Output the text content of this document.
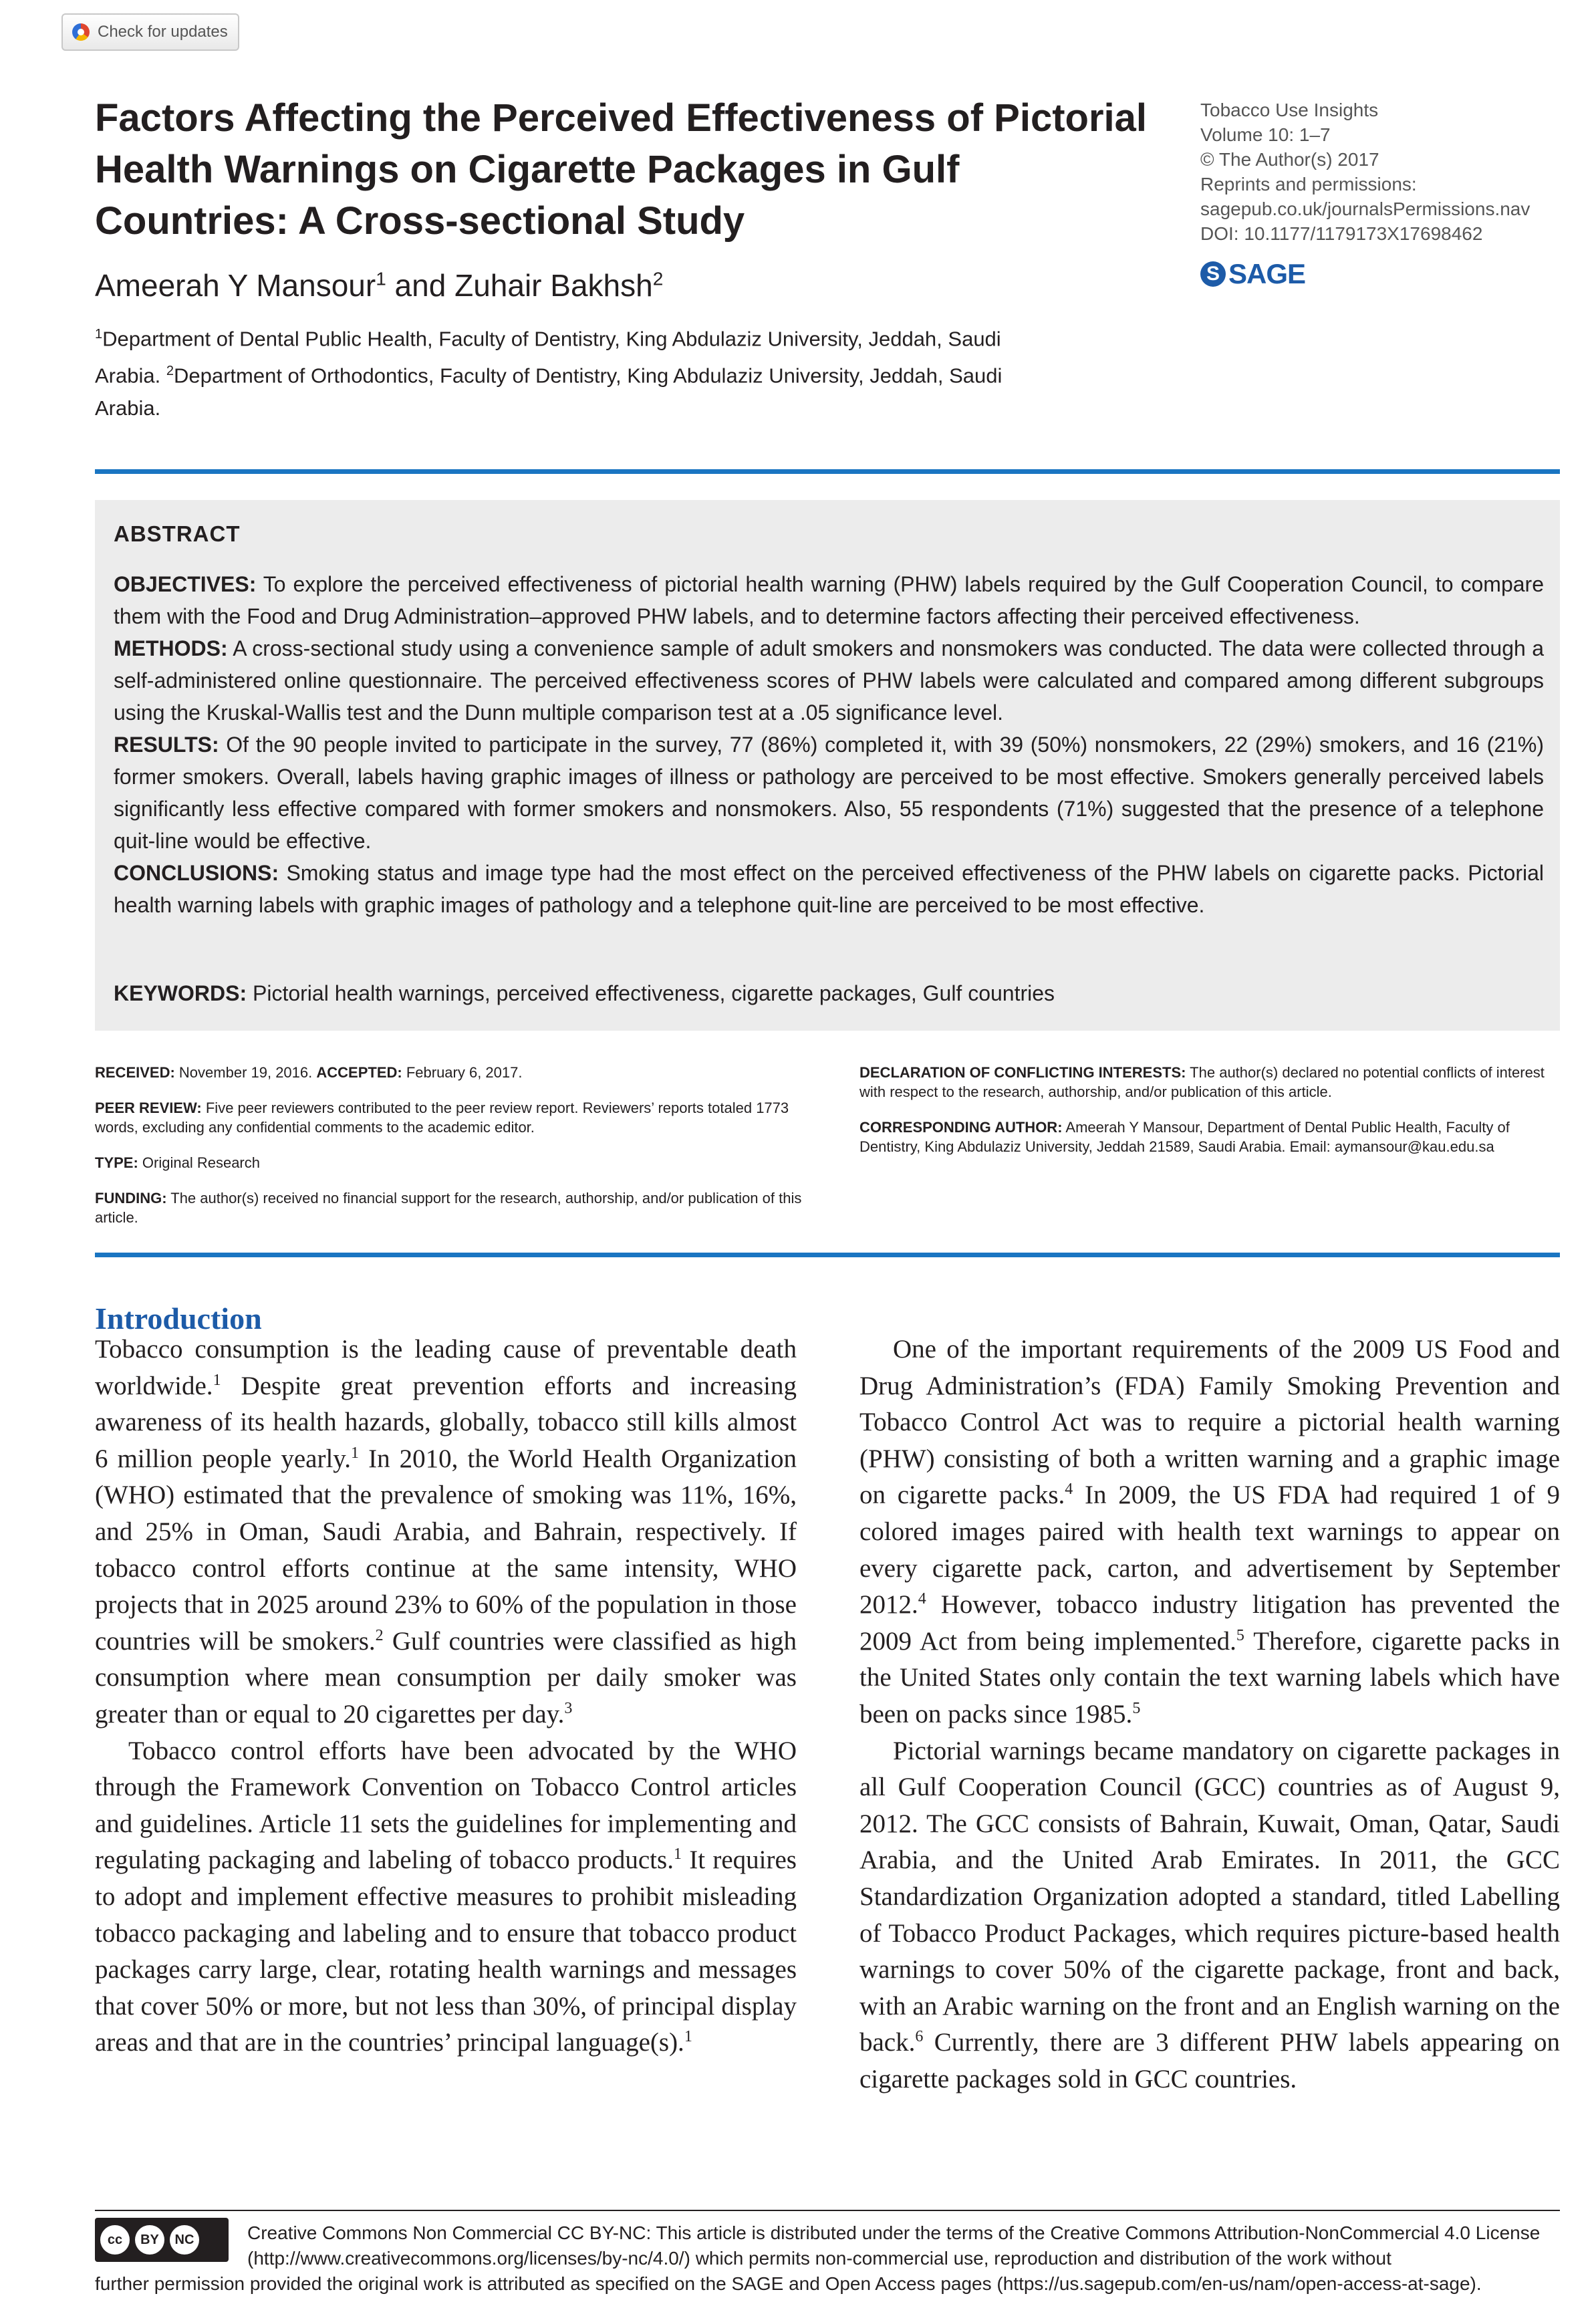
Check for updates
Factors Affecting the Perceived Effectiveness of Pictorial Health Warnings on Cigarette Packages in Gulf Countries: A Cross-sectional Study
Ameerah Y Mansour$^1$ and Zuhair Bakhsh$^2$
$^1$Department of Dental Public Health, Faculty of Dentistry, King Abdulaziz University, Jeddah, Saudi Arabia. $^2$Department of Orthodontics, Faculty of Dentistry, King Abdulaziz University, Jeddah, Saudi Arabia.
Tobacco Use Insights
Volume 10: 1–7
© The Author(s) 2017
Reprints and permissions:
sagepub.co.uk/journalsPermissions.nav
DOI: 10.1177/1179173X17698462
S SAGE
ABSTRACT

OBJECTIVES: To explore the perceived effectiveness of pictorial health warning (PHW) labels required by the Gulf Cooperation Council, to compare them with the Food and Drug Administration–approved PHW labels, and to determine factors affecting their perceived effectiveness.

METHODS: A cross-sectional study using a convenience sample of adult smokers and nonsmokers was conducted. The data were collected through a self-administered online questionnaire. The perceived effectiveness scores of PHW labels were calculated and compared among different subgroups using the Kruskal-Wallis test and the Dunn multiple comparison test at a .05 significance level.

RESULTS: Of the 90 people invited to participate in the survey, 77 (86%) completed it, with 39 (50%) nonsmokers, 22 (29%) smokers, and 16 (21%) former smokers. Overall, labels having graphic images of illness or pathology are perceived to be most effective. Smokers generally perceived labels significantly less effective compared with former smokers and nonsmokers. Also, 55 respondents (71%) suggested that the presence of a telephone quit-line would be effective.

CONCLUSIONS: Smoking status and image type had the most effect on the perceived effectiveness of the PHW labels on cigarette packs. Pictorial health warning labels with graphic images of pathology and a telephone quit-line are perceived to be most effective.

KEYWORDS: Pictorial health warnings, perceived effectiveness, cigarette packages, Gulf countries

RECEIVED: November 19, 2016. ACCEPTED: February 6, 2017.

PEER REVIEW: Five peer reviewers contributed to the peer review report. Reviewers’ reports totaled 1773 words, excluding any confidential comments to the academic editor.

TYPE: Original Research

FUNDING: The author(s) received no financial support for the research, authorship, and/or publication of this article.

DECLARATION OF CONFLICTING INTERESTS: The author(s) declared no potential conflicts of interest with respect to the research, authorship, and/or publication of this article.

CORRESPONDING AUTHOR: Ameerah Y Mansour, Department of Dental Public Health, Faculty of Dentistry, King Abdulaziz University, Jeddah 21589, Saudi Arabia. Email: aymansour@kau.edu.sa

Introduction

Tobacco consumption is the leading cause of preventable death worldwide.$^1$ Despite great prevention efforts and increasing awareness of its health hazards, globally, tobacco still kills almost 6 million people yearly.$^1$ In 2010, the World Health Organization (WHO) estimated that the prevalence of smoking was 11%, 16%, and 25% in Oman, Saudi Arabia, and Bahrain, respectively. If tobacco control efforts continue at the same intensity, WHO projects that in 2025 around 23% to 60% of the population in those countries will be smokers.$^2$ Gulf countries were classified as high consumption where mean consumption per daily smoker was greater than or equal to 20 cigarettes per day.$^3$

Tobacco control efforts have been advocated by the WHO through the Framework Convention on Tobacco Control articles and guidelines. Article 11 sets the guidelines for implementing and regulating packaging and labeling of tobacco products.$^1$ It requires to adopt and implement effective measures to prohibit misleading tobacco packaging and labeling and to ensure that tobacco product packages carry large, clear, rotating health warnings and messages that cover 50% or more, but not less than 30%, of principal display areas and that are in the countries’ principal language(s).$^1$

One of the important requirements of the 2009 US Food and Drug Administration’s (FDA) Family Smoking Prevention and Tobacco Control Act was to require a pictorial health warning (PHW) consisting of both a written warning and a graphic image on cigarette packs.$^4$ In 2009, the US FDA had required 1 of 9 colored images paired with health text warnings to appear on every cigarette pack, carton, and advertisement by September 2012.$^4$ However, tobacco industry litigation has prevented the 2009 Act from being implemented.$^5$ Therefore, cigarette packs in the United States only contain the text warning labels which have been on packs since 1985.$^5$

Pictorial warnings became mandatory on cigarette packages in all Gulf Cooperation Council (GCC) countries as of August 9, 2012. The GCC consists of Bahrain, Kuwait, Oman, Qatar, Saudi Arabia, and the United Arab Emirates. In 2011, the GCC Standardization Organization adopted a standard, titled Labelling of Tobacco Product Packages, which requires picture-based health warnings to cover 50% of the cigarette package, front and back, with an Arabic warning on the front and an English warning on the back.$^6$ Currently, there are 3 different PHW labels appearing on cigarette packages sold in GCC countries.

cc	BY	NC	Creative Commons Non Commercial CC BY-NC: This article is distributed under the terms of the Creative Commons Attribution-NonCommercial 4.0 License (http://www.creativecommons.org/licenses/by-nc/4.0/) which permits non-commercial use, reproduction and distribution of the work without
further permission provided the original work is attributed as specified on the SAGE and Open Access pages (https://us.sagepub.com/en-us/nam/open-access-at-sage).
